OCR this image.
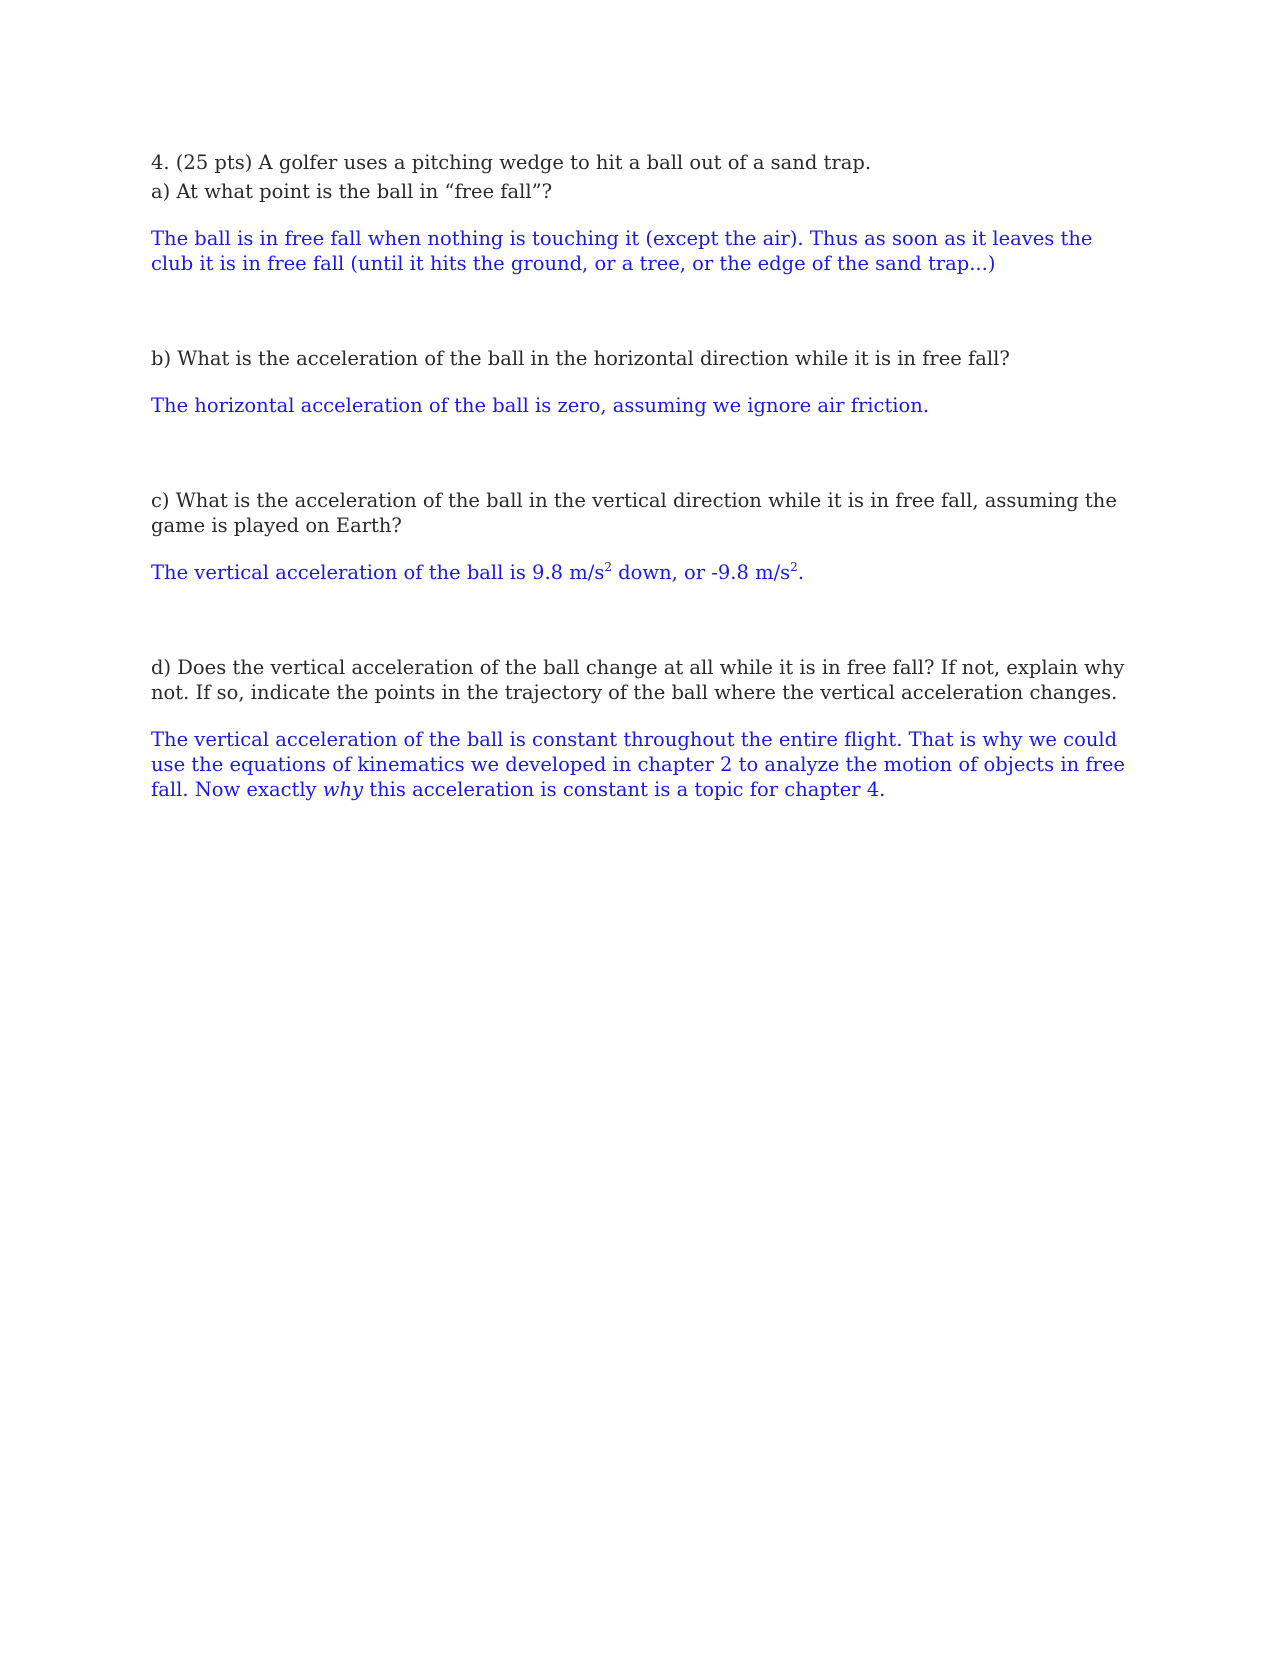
4. (25 pts) A golfer uses a pitching wedge to hit a ball out of a sand trap.

a) At what point is the ball in “free fall”?

The ball is in free fall when nothing is touching it (except the air). Thus as soon as it leaves the club it is in free fall (until it hits the ground, or a tree, or the edge of the sand trap...)

b) What is the acceleration of the ball in the horizontal direction while it is in free fall?

The horizontal acceleration of the ball is zero, assuming we ignore air friction.

c) What is the acceleration of the ball in the vertical direction while it is in free fall, assuming the game is played on Earth?

The vertical acceleration of the ball is 9.8 $m/s^2$ down, or -9.8 $m/s^2$.

d) Does the vertical acceleration of the ball change at all while it is in free fall? If not, explain why not. If so, indicate the points in the trajectory of the ball where the vertical acceleration changes.

The vertical acceleration of the ball is constant throughout the entire flight. That is why we could use the equations of kinematics we developed in chapter 2 to analyze the motion of objects in free fall. Now exactly why this acceleration is constant is a topic for chapter 4.
